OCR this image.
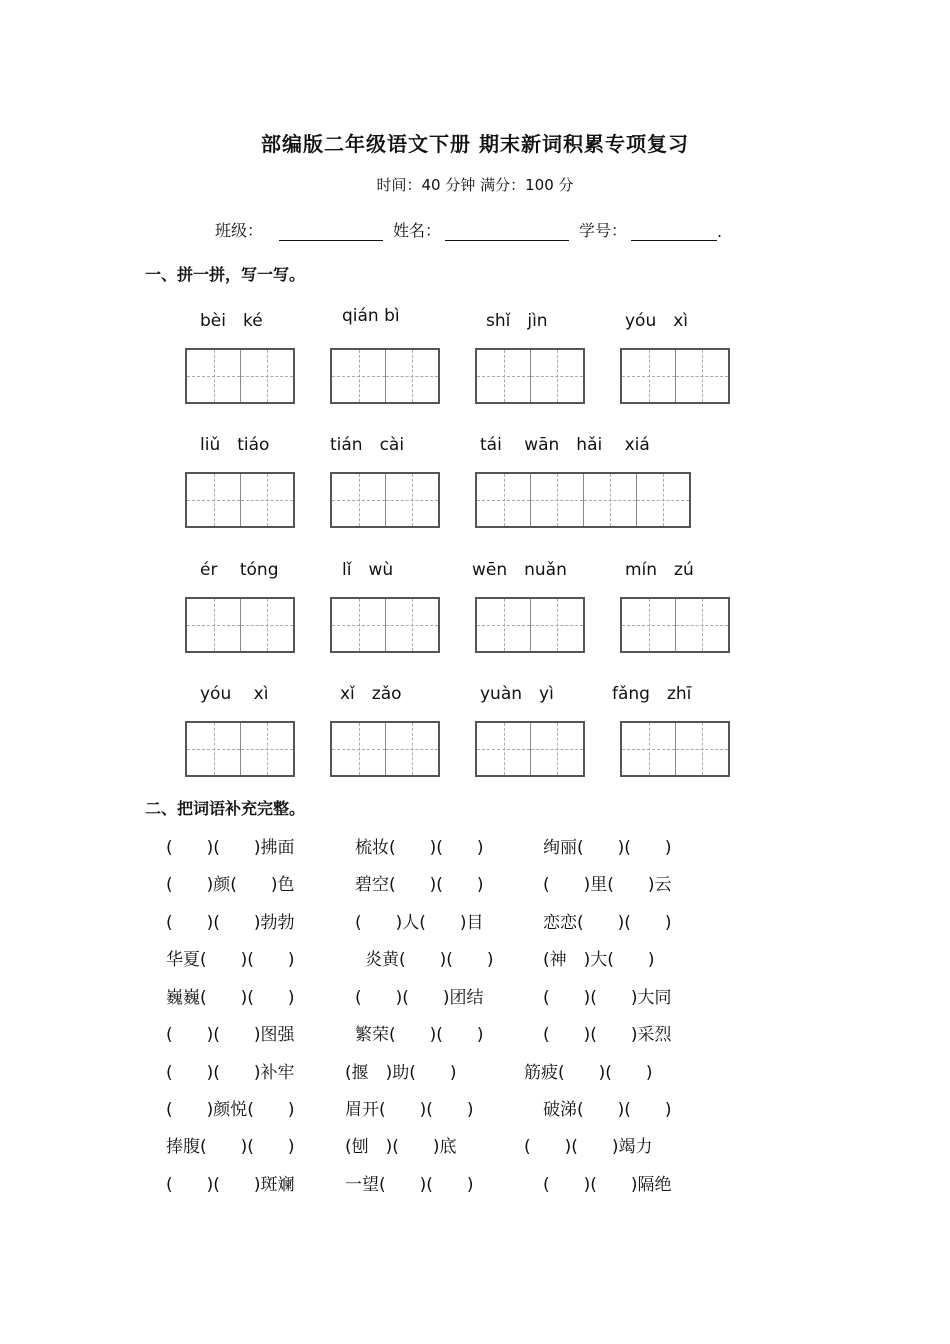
部编版二年级语文下册 期末新词积累专项复习
时间：40 分钟 满分：100 分
班级：	姓名：	学号：	.
一、拼一拼，写一写。
bèi　ké	qián bì	shǐ　jìn	yóu　xì
liǔ　tiáo	tián　cài	tái　 wān　hǎi　 xiá
ér　 tóng	lǐ　wù	wēn　nuǎn	mín　zú
yóu　 xì	xǐ　zǎo	yuàn　yì	fǎng　zhī
二、把词语补充完整。
(　　)(　　)拂面	梳妆(　　)(　　)	绚丽(　　)(　　)
(　　)颜(　　)色	碧空(　　)(　　)	(　　)里(　　)云
(　　)(　　)勃勃	(　　)人(　　)目	恋恋(　　)(　　)
华夏(　　)(　　)	炎黄(　　)(　　)	(神　)大(　　)
巍巍(　　)(　　)	(　　)(　　)团结	(　　)(　　)大同
(　　)(　　)图强	繁荣(　　)(　　)	(　　)(　　)采烈
(　　)(　　)补牢	(揠　)助(　　)	筋疲(　　)(　　)
(　　)颜悦(　　)	眉开(　　)(　　)	破涕(　　)(　　)
捧腹(　　)(　　)	(刨　)(　　)底	(　　)(　　)竭力
(　　)(　　)斑斓	一望(　　)(　　)	(　　)(　　)隔绝
